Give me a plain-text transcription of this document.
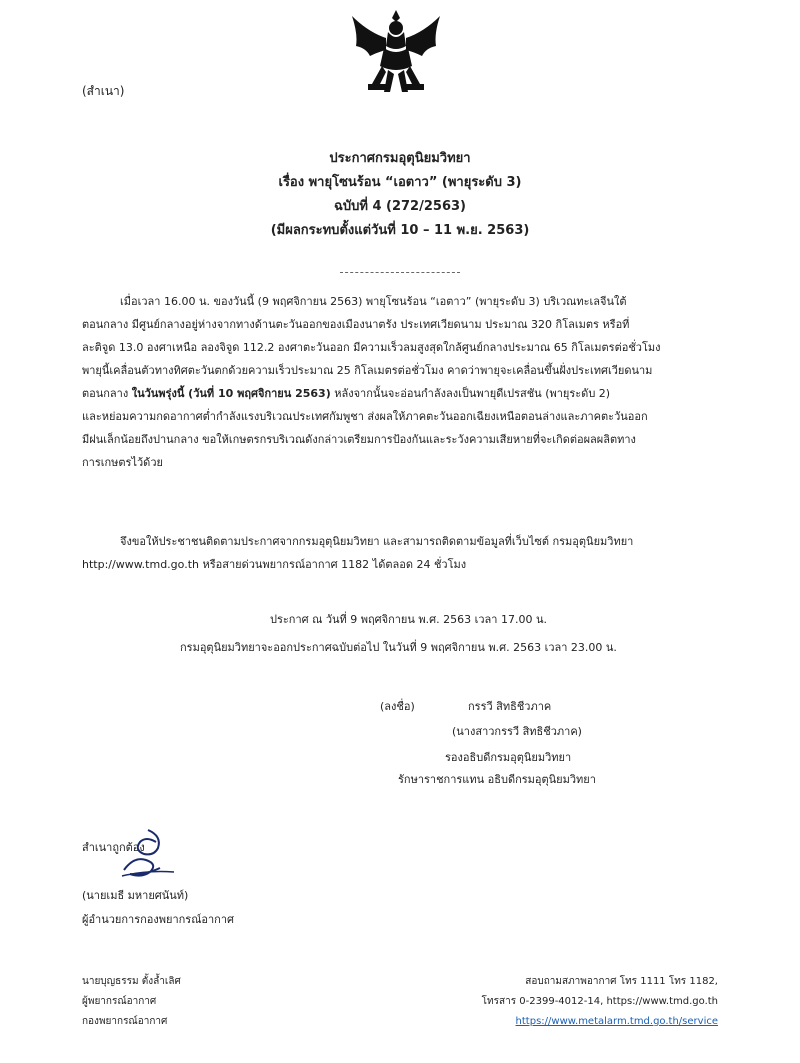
(สำเนา)
ประกาศกรมอุตุนิยมวิทยา
เรื่อง พายุโซนร้อน “เอตาว” (พายุระดับ 3)
ฉบับที่ 4 (272/2563)
(มีผลกระทบตั้งแต่วันที่ 10 – 11 พ.ย. 2563)
เมื่อเวลา 16.00 น. ของวันนี้ (9 พฤศจิกายน 2563) พายุโซนร้อน “เอตาว” (พายุระดับ 3) บริเวณทะเลจีนใต้
ตอนกลาง มีศูนย์กลางอยู่ห่างจากทางด้านตะวันออกของเมืองนาตรัง ประเทศเวียดนาม ประมาณ 320 กิโลเมตร หรือที่
ละติจูด 13.0 องศาเหนือ ลองจิจูด 112.2 องศาตะวันออก มีความเร็วลมสูงสุดใกล้ศูนย์กลางประมาณ 65 กิโลเมตรต่อชั่วโมง
พายุนี้เคลื่อนตัวทางทิศตะวันตกด้วยความเร็วประมาณ 25 กิโลเมตรต่อชั่วโมง คาดว่าพายุจะเคลื่อนขึ้นฝั่งประเทศเวียดนาม
ตอนกลาง ในวันพรุ่งนี้ (วันที่ 10 พฤศจิกายน 2563) หลังจากนั้นจะอ่อนกำลังลงเป็นพายุดีเปรสชัน (พายุระดับ 2)
และหย่อมความกดอากาศต่ำกำลังแรงบริเวณประเทศกัมพูชา ส่งผลให้ภาคตะวันออกเฉียงเหนือตอนล่างและภาคตะวันออก
มีฝนเล็กน้อยถึงปานกลาง ขอให้เกษตรกรบริเวณดังกล่าวเตรียมการป้องกันและระวังความเสียหายที่จะเกิดต่อผลผลิตทาง
การเกษตรไว้ด้วย
จึงขอให้ประชาชนติดตามประกาศจากกรมอุตุนิยมวิทยา และสามารถติดตามข้อมูลที่เว็บไซต์ กรมอุตุนิยมวิทยา
http://www.tmd.go.th หรือสายด่วนพยากรณ์อากาศ 1182 ได้ตลอด 24 ชั่วโมง
ประกาศ ณ วันที่ 9 พฤศจิกายน พ.ศ. 2563 เวลา 17.00 น.
กรมอุตุนิยมวิทยาจะออกประกาศฉบับต่อไป ในวันที่ 9 พฤศจิกายน พ.ศ. 2563 เวลา 23.00 น.
(ลงชื่อ)	กรรวี สิทธิชีวภาค
(นางสาวกรรวี สิทธิชีวภาค)
รองอธิบดีกรมอุตุนิยมวิทยา
รักษาราชการแทน อธิบดีกรมอุตุนิยมวิทยา
สำเนาถูกต้อง
(นายเมธี มหายศนันท์)
ผู้อำนวยการกองพยากรณ์อากาศ
นายบุญธรรม ตั้งล้ำเลิศ
ผู้พยากรณ์อากาศ
กองพยากรณ์อากาศ
สอบถามสภาพอากาศ โทร 1111 โทร 1182,
โทรสาร 0-2399-4012-14, https://www.tmd.go.th
https://www.metalarm.tmd.go.th/service
